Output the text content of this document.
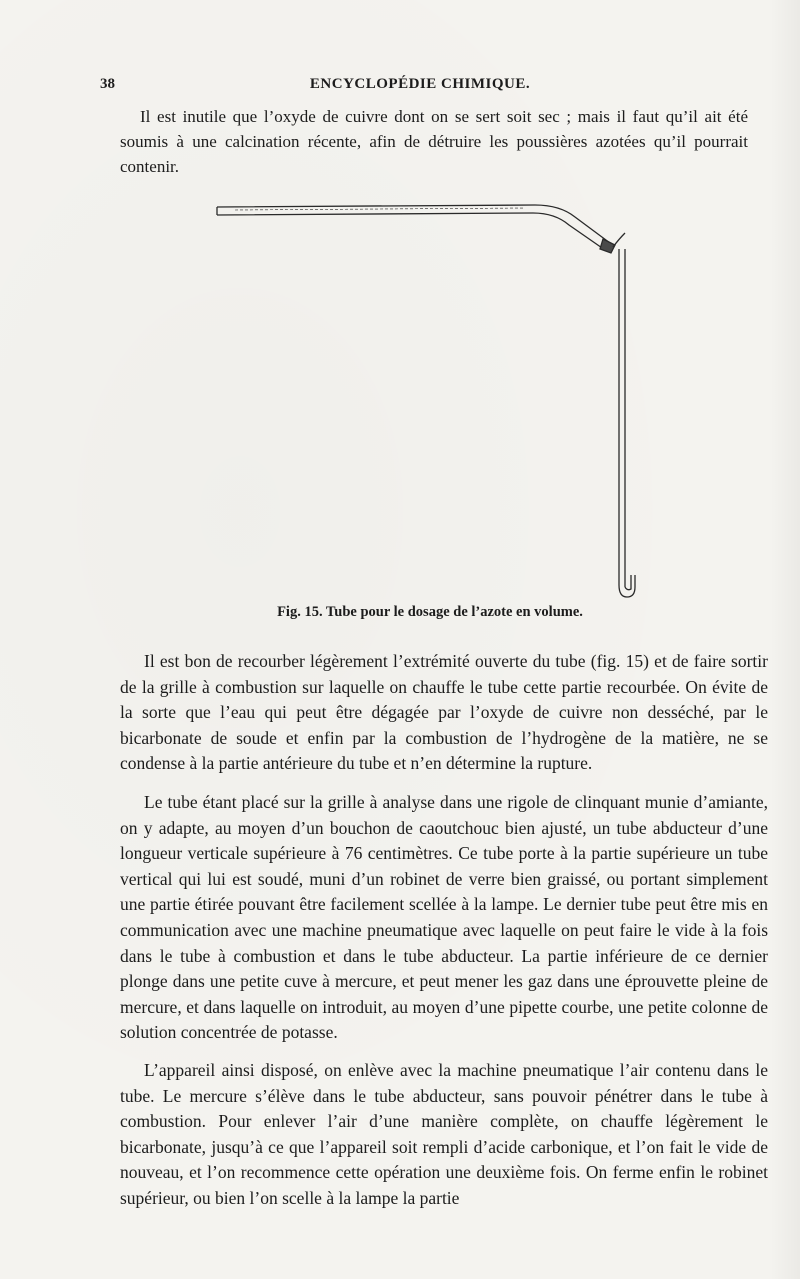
38	ENCYCLOPÉDIE CHIMIQUE.

Il est inutile que l’oxyde de cuivre dont on se sert soit sec ; mais il faut qu’il ait été soumis à une calcination récente, afin de détruire les poussières azotées qu’il pourrait contenir.

Fig. 15. Tube pour le dosage de l’azote en volume.

Il est bon de recourber légèrement l’extrémité ouverte du tube (fig. 15) et de faire sortir de la grille à combustion sur laquelle on chauffe le tube cette partie recourbée. On évite de la sorte que l’eau qui peut être dégagée par l’oxyde de cuivre non desséché, par le bicarbonate de soude et enfin par la combustion de l’hydrogène de la matière, ne se condense à la partie antérieure du tube et n’en détermine la rupture.

Le tube étant placé sur la grille à analyse dans une rigole de clinquant munie d’amiante, on y adapte, au moyen d’un bouchon de caoutchouc bien ajusté, un tube abducteur d’une longueur verticale supérieure à 76 centimètres. Ce tube porte à la partie supérieure un tube vertical qui lui est soudé, muni d’un robinet de verre bien graissé, ou portant simplement une partie étirée pouvant être facilement scellée à la lampe. Le dernier tube peut être mis en communication avec une machine pneumatique avec laquelle on peut faire le vide à la fois dans le tube à combustion et dans le tube abducteur. La partie inférieure de ce dernier plonge dans une petite cuve à mercure, et peut mener les gaz dans une éprouvette pleine de mercure, et dans laquelle on introduit, au moyen d’une pipette courbe, une petite colonne de solution concentrée de potasse.

L’appareil ainsi disposé, on enlève avec la machine pneumatique l’air contenu dans le tube. Le mercure s’élève dans le tube abducteur, sans pouvoir pénétrer dans le tube à combustion. Pour enlever l’air d’une manière complète, on chauffe légèrement le bicarbonate, jusqu’à ce que l’appareil soit rempli d’acide carbonique, et l’on fait le vide de nouveau, et l’on recommence cette opération une deuxième fois. On ferme enfin le robinet supérieur, ou bien l’on scelle à la lampe la partie
